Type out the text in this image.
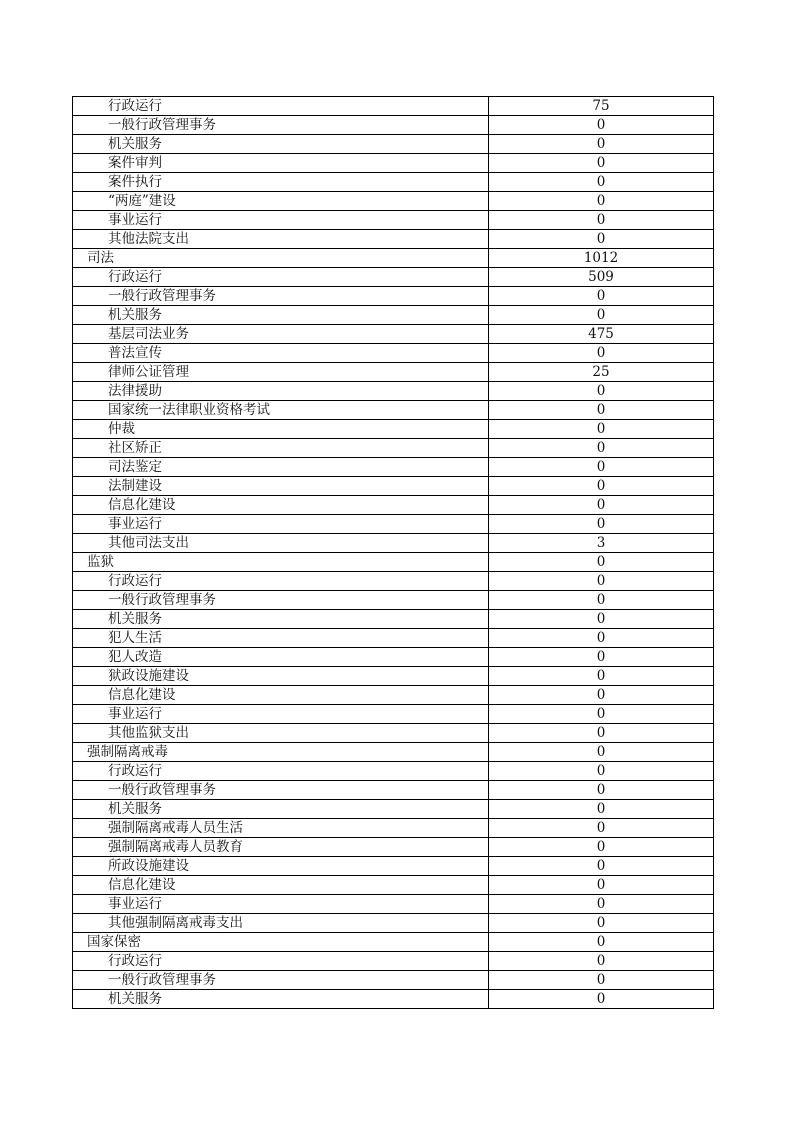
行政运行	75
一般行政管理事务	0
机关服务	0
案件审判	0
案件执行	0
“两庭”建设	0
事业运行	0
其他法院支出	0
司法	1012
行政运行	509
一般行政管理事务	0
机关服务	0
基层司法业务	475
普法宣传	0
律师公证管理	25
法律援助	0
国家统一法律职业资格考试	0
仲裁	0
社区矫正	0
司法鉴定	0
法制建设	0
信息化建设	0
事业运行	0
其他司法支出	3
监狱	0
行政运行	0
一般行政管理事务	0
机关服务	0
犯人生活	0
犯人改造	0
狱政设施建设	0
信息化建设	0
事业运行	0
其他监狱支出	0
强制隔离戒毒	0
行政运行	0
一般行政管理事务	0
机关服务	0
强制隔离戒毒人员生活	0
强制隔离戒毒人员教育	0
所政设施建设	0
信息化建设	0
事业运行	0
其他强制隔离戒毒支出	0
国家保密	0
行政运行	0
一般行政管理事务	0
机关服务	0
